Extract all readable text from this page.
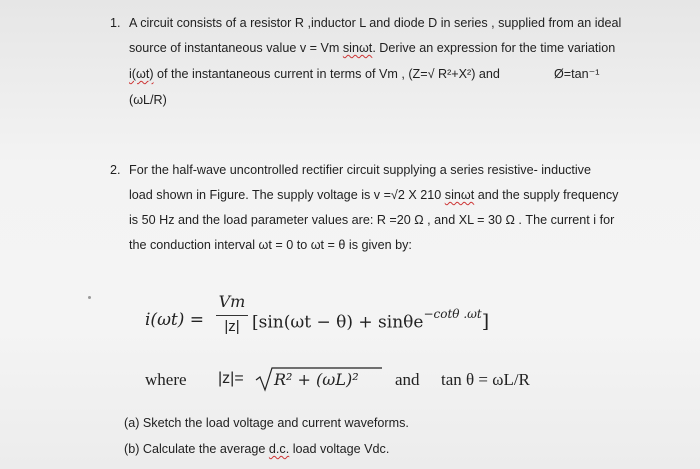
1. A circuit consists of a resistor R ,inductor L and diode D in series , supplied from an ideal
source of instantaneous value v = Vm sinωt. Derive an expression for the time variation
i(ωt) of the instantaneous current in terms of Vm , (Z=√ R²+X²) and	Ø=tan⁻¹
(ωL/R)
2. For the half-wave uncontrolled rectifier circuit supplying a series resistive- inductive
load shown in Figure. The supply voltage is v =√2 X 210 sinωt and the supply frequency
is 50 Hz and the load parameter values are: R =20 Ω , and XL = 30 Ω . The current i for
the conduction interval ωt = 0 to ωt = θ is given by:
i(ωt) =
Vm
|z| [sin(ωt − θ) + sinθe$^{-cot\theta .\omega t}$]
where |z|= R² + (ωL)² and tan θ = ωL/R
(a) Sketch the load voltage and current waveforms.
(b) Calculate the average d.c. load voltage Vdc.
